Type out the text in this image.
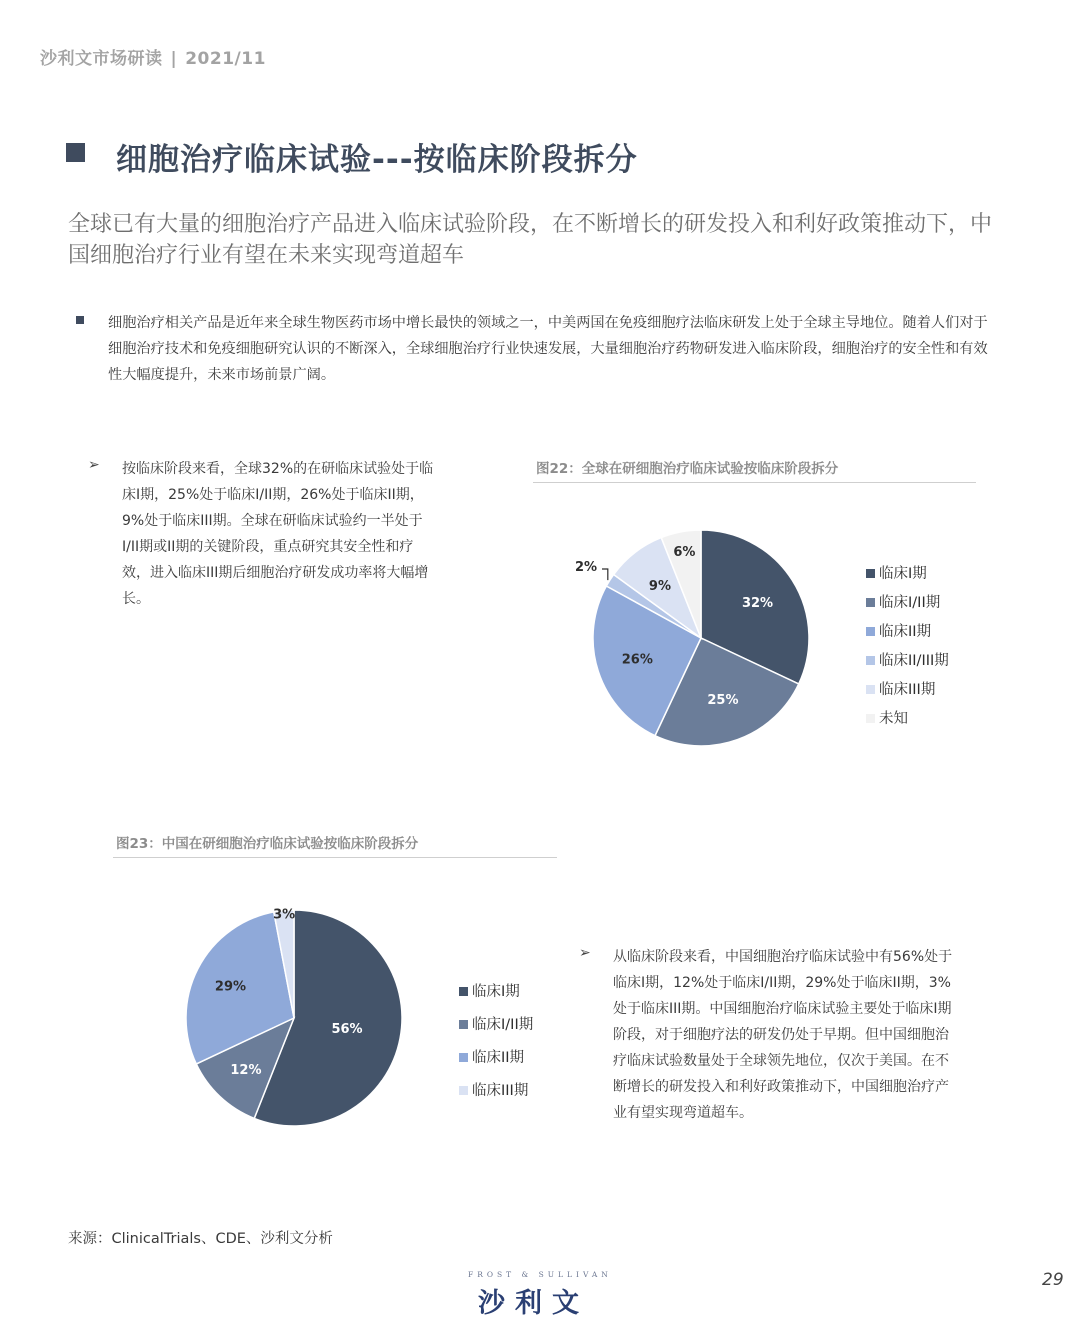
沙利文市场研读 | 2021/11
细胞治疗临床试验---按临床阶段拆分
全球已有大量的细胞治疗产品进入临床试验阶段，在不断增长的研发投入和利好政策推动下，中国细胞治疗行业有望在未来实现弯道超车
细胞治疗相关产品是近年来全球生物医药市场中增长最快的领域之一，中美两国在免疫细胞疗法临床研发上处于全球主导地位。随着人们对于细胞治疗技术和免疫细胞研究认识的不断深入，全球细胞治疗行业快速发展，大量细胞治疗药物研发进入临床阶段，细胞治疗的安全性和有效性大幅度提升，未来市场前景广阔。
➢ 按临床阶段来看，全球32%的在研临床试验处于临床I期，25%处于临床I/II期，26%处于临床II期，9%处于临床III期。全球在研临床试验约一半处于I/II期或II期的关键阶段，重点研究其安全性和疗效，进入临床III期后细胞治疗研发成功率将大幅增长。
图22：全球在研细胞治疗临床试验按临床阶段拆分
32%
25%
26%
2%
9%
6%
临床I期
临床I/II期
临床II期
临床II/III期
临床III期
未知
图23：中国在研细胞治疗临床试验按临床阶段拆分
56%
12%
29%
3%
临床I期
临床I/II期
临床II期
临床III期
➢ 从临床阶段来看，中国细胞治疗临床试验中有56%处于临床I期，12%处于临床I/II期，29%处于临床II期，3%处于临床III期。中国细胞治疗临床试验主要处于临床I期阶段，对于细胞疗法的研发仍处于早期。但中国细胞治疗临床试验数量处于全球领先地位，仅次于美国。在不断增长的研发投入和利好政策推动下，中国细胞治疗产业有望实现弯道超车。
来源：ClinicalTrials、CDE、沙利文分析
FROST & SULLIVAN
沙利文
29
